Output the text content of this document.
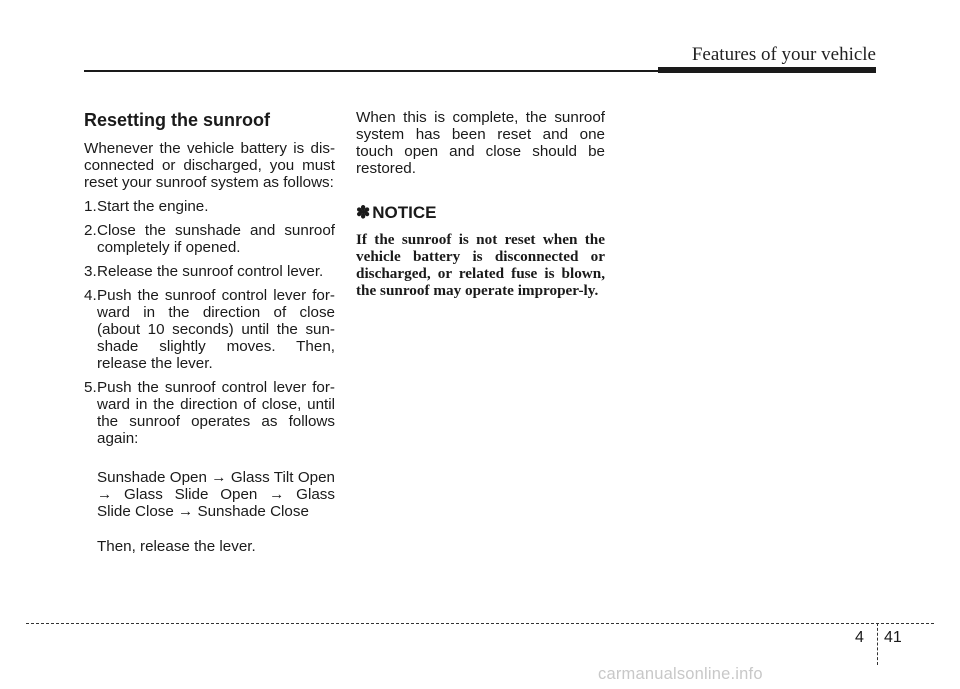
Features of your vehicle
Resetting the sunroof

Whenever the vehicle battery is dis-connected or discharged, you must reset your sunroof system as follows:

1. Start the engine.
2. Close the sunshade and sunroof completely if opened.
3. Release the sunroof control lever.
4. Push the sunroof control lever for-ward in the direction of close (about 10 seconds) until the sun-shade slightly moves. Then, release the lever.
5. Push the sunroof control lever for-ward in the direction of close, until the sunroof operates as follows again:

Sunshade Open → Glass Tilt Open → Glass Slide Open → Glass Slide Close → Sunshade Close

Then, release the lever.

When this is complete, the sunroof system has been reset and one touch open and close should be restored.

✽ NOTICE

If the sunroof is not reset when the vehicle battery is disconnected or discharged, or related fuse is blown, the sunroof may operate improper-ly.

4 41
carmanualsonline.info
